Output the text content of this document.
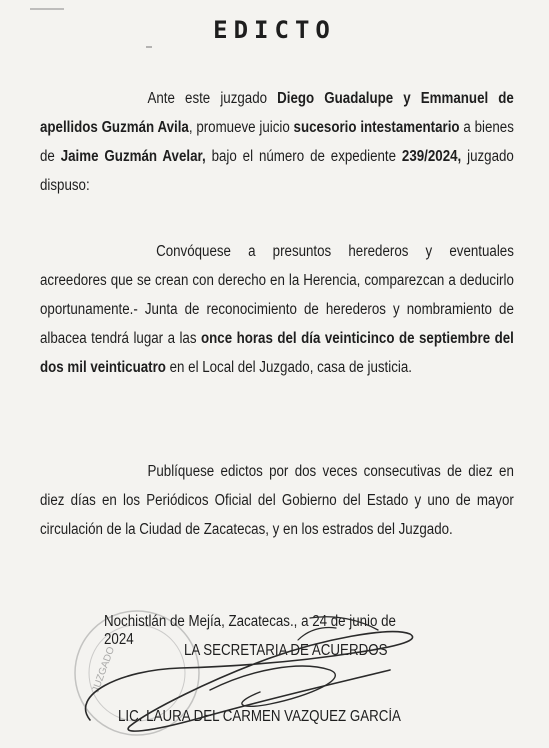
EDICTO
Ante este juzgado Diego Guadalupe y Emmanuel de apellidos Guzmán Avila, promueve juicio sucesorio intestamentario a bienes de Jaime Guzmán Avelar, bajo el número de expediente 239/2024, juzgado dispuso:
Convóquese a presuntos herederos y eventuales acreedores que se crean con derecho en la Herencia, comparezcan a deducirlo oportunamente.- Junta de reconocimiento de herederos y nombramiento de albacea tendrá lugar a las once horas del día veinticinco de septiembre del dos mil veinticuatro en el Local del Juzgado, casa de justicia.
Publíquese edictos por dos veces consecutivas de diez en diez días en los Periódicos Oficial del Gobierno del Estado y uno de mayor circulación de la Ciudad de Zacatecas, y en los estrados del Juzgado.
JUZGADO
Nochistlán de Mejía, Zacatecas., a 24 de junio de 2024
LA SECRETARIA DE ACUERDOS
LIC. LAURA DEL CARMEN VAZQUEZ GARCÍA
